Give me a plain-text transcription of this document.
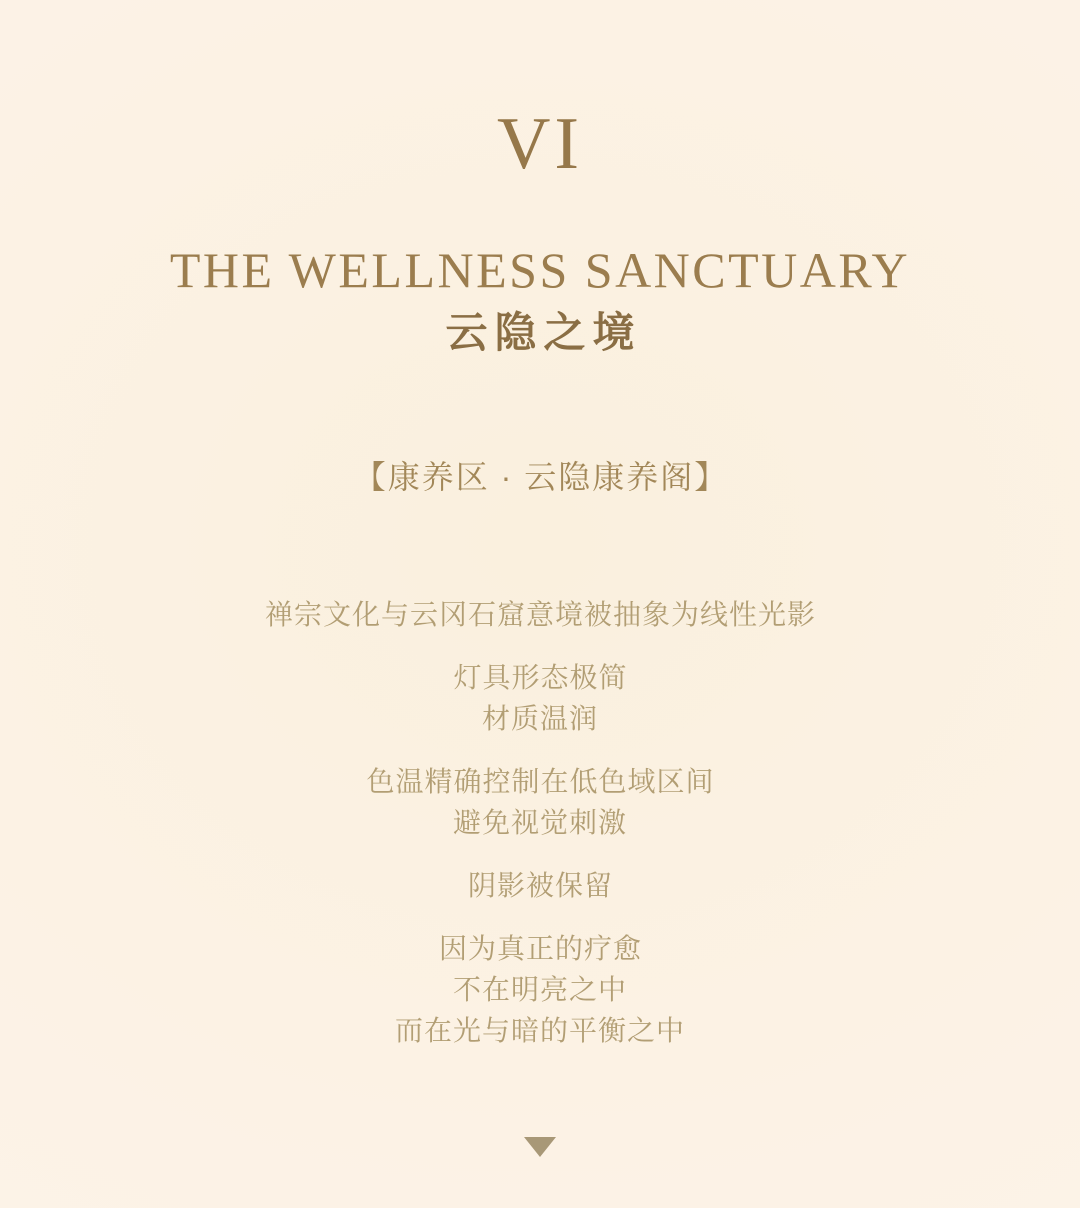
VI
THE WELLNESS SANCTUARY
云隐之境
【康养区 · 云隐康养阁】

禅宗文化与云冈石窟意境被抽象为线性光影

灯具形态极简
材质温润

色温精确控制在低色域区间
避免视觉刺激

阴影被保留

因为真正的疗愈
不在明亮之中
而在光与暗的平衡之中
